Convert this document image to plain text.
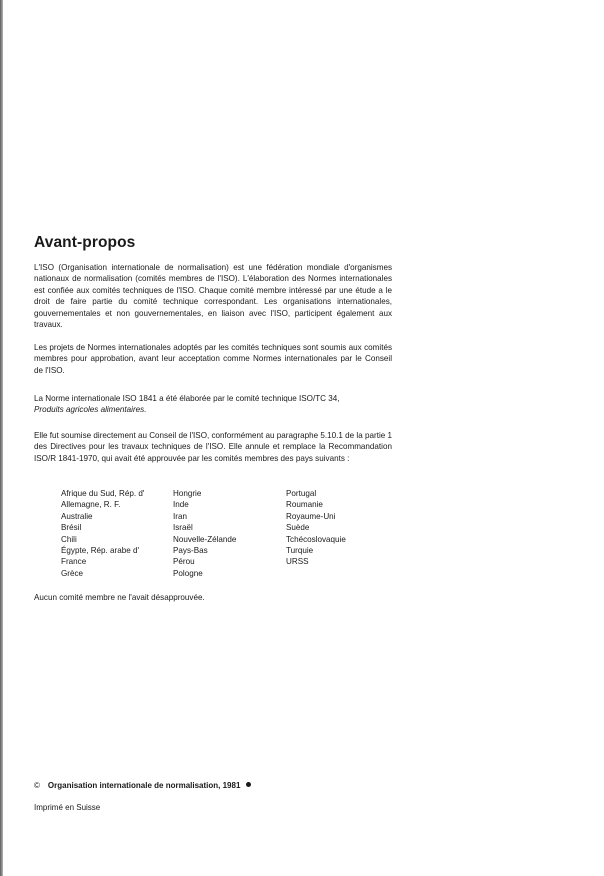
Avant-propos
L'ISO (Organisation internationale de normalisation) est une fédération mondiale d'organismes nationaux de normalisation (comités membres de l'ISO). L'élaboration des Normes internationales est confiée aux comités techniques de l'ISO. Chaque comité membre intéressé par une étude a le droit de faire partie du comité technique correspondant. Les organisations internationales, gouvernementales et non gouvernementales, en liaison avec l'ISO, participent également aux travaux.
Les projets de Normes internationales adoptés par les comités techniques sont soumis aux comités membres pour approbation, avant leur acceptation comme Normes internationales par le Conseil de l'ISO.
La Norme internationale ISO 1841 a été élaborée par le comité technique ISO/TC 34,
Produits agricoles alimentaires.
Elle fut soumise directement au Conseil de l'ISO, conformément au paragraphe 5.10.1 de la partie 1 des Directives pour les travaux techniques de l'ISO. Elle annule et remplace la Recommandation ISO/R 1841-1970, qui avait été approuvée par les comités membres des pays suivants :
Afrique du Sud, Rép. d'
Allemagne, R. F.
Australie
Brésil
Chili
Égypte, Rép. arabe d'
France
Grèce
Hongrie
Inde
Iran
Israël
Nouvelle-Zélande
Pays-Bas
Pérou
Pologne
Portugal
Roumanie
Royaume-Uni
Suède
Tchécoslovaquie
Turquie
URSS
Aucun comité membre ne l'avait désapprouvée.
© Organisation internationale de normalisation, 1981
Imprimé en Suisse
